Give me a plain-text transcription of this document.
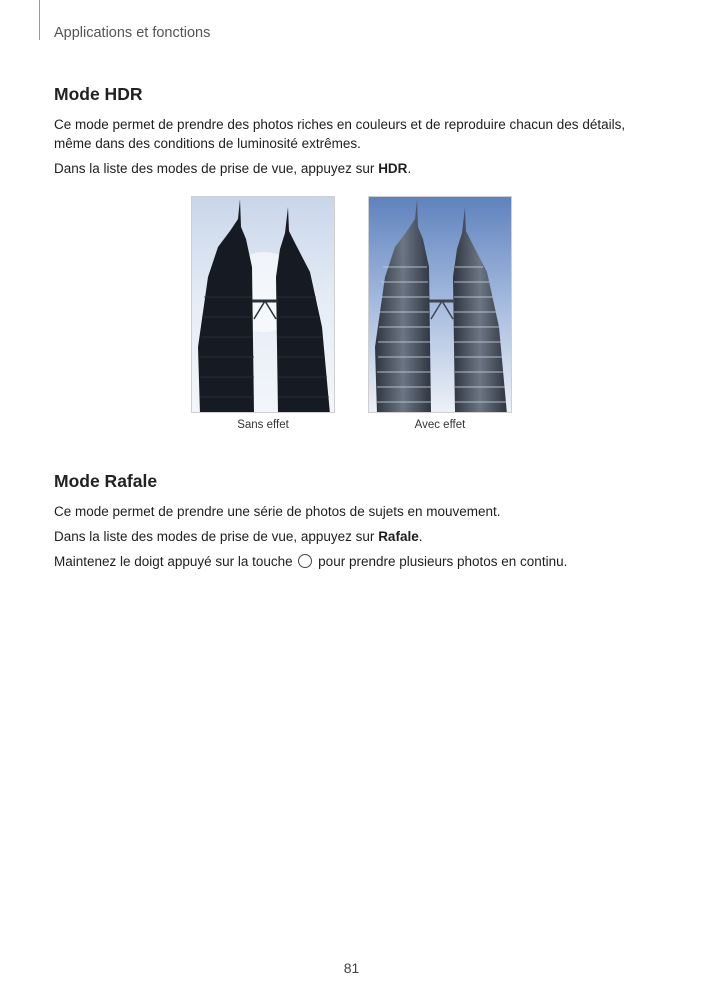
Applications et fonctions
Mode HDR

Ce mode permet de prendre des photos riches en couleurs et de reproduire chacun des détails, même dans des conditions de luminosité extrêmes.

Dans la liste des modes de prise de vue, appuyez sur HDR.

Sans effet	Avec effet
Mode Rafale

Ce mode permet de prendre une série de photos de sujets en mouvement.

Dans la liste des modes de prise de vue, appuyez sur Rafale.

Maintenez le doigt appuyé sur la touche  pour prendre plusieurs photos en continu.

81
